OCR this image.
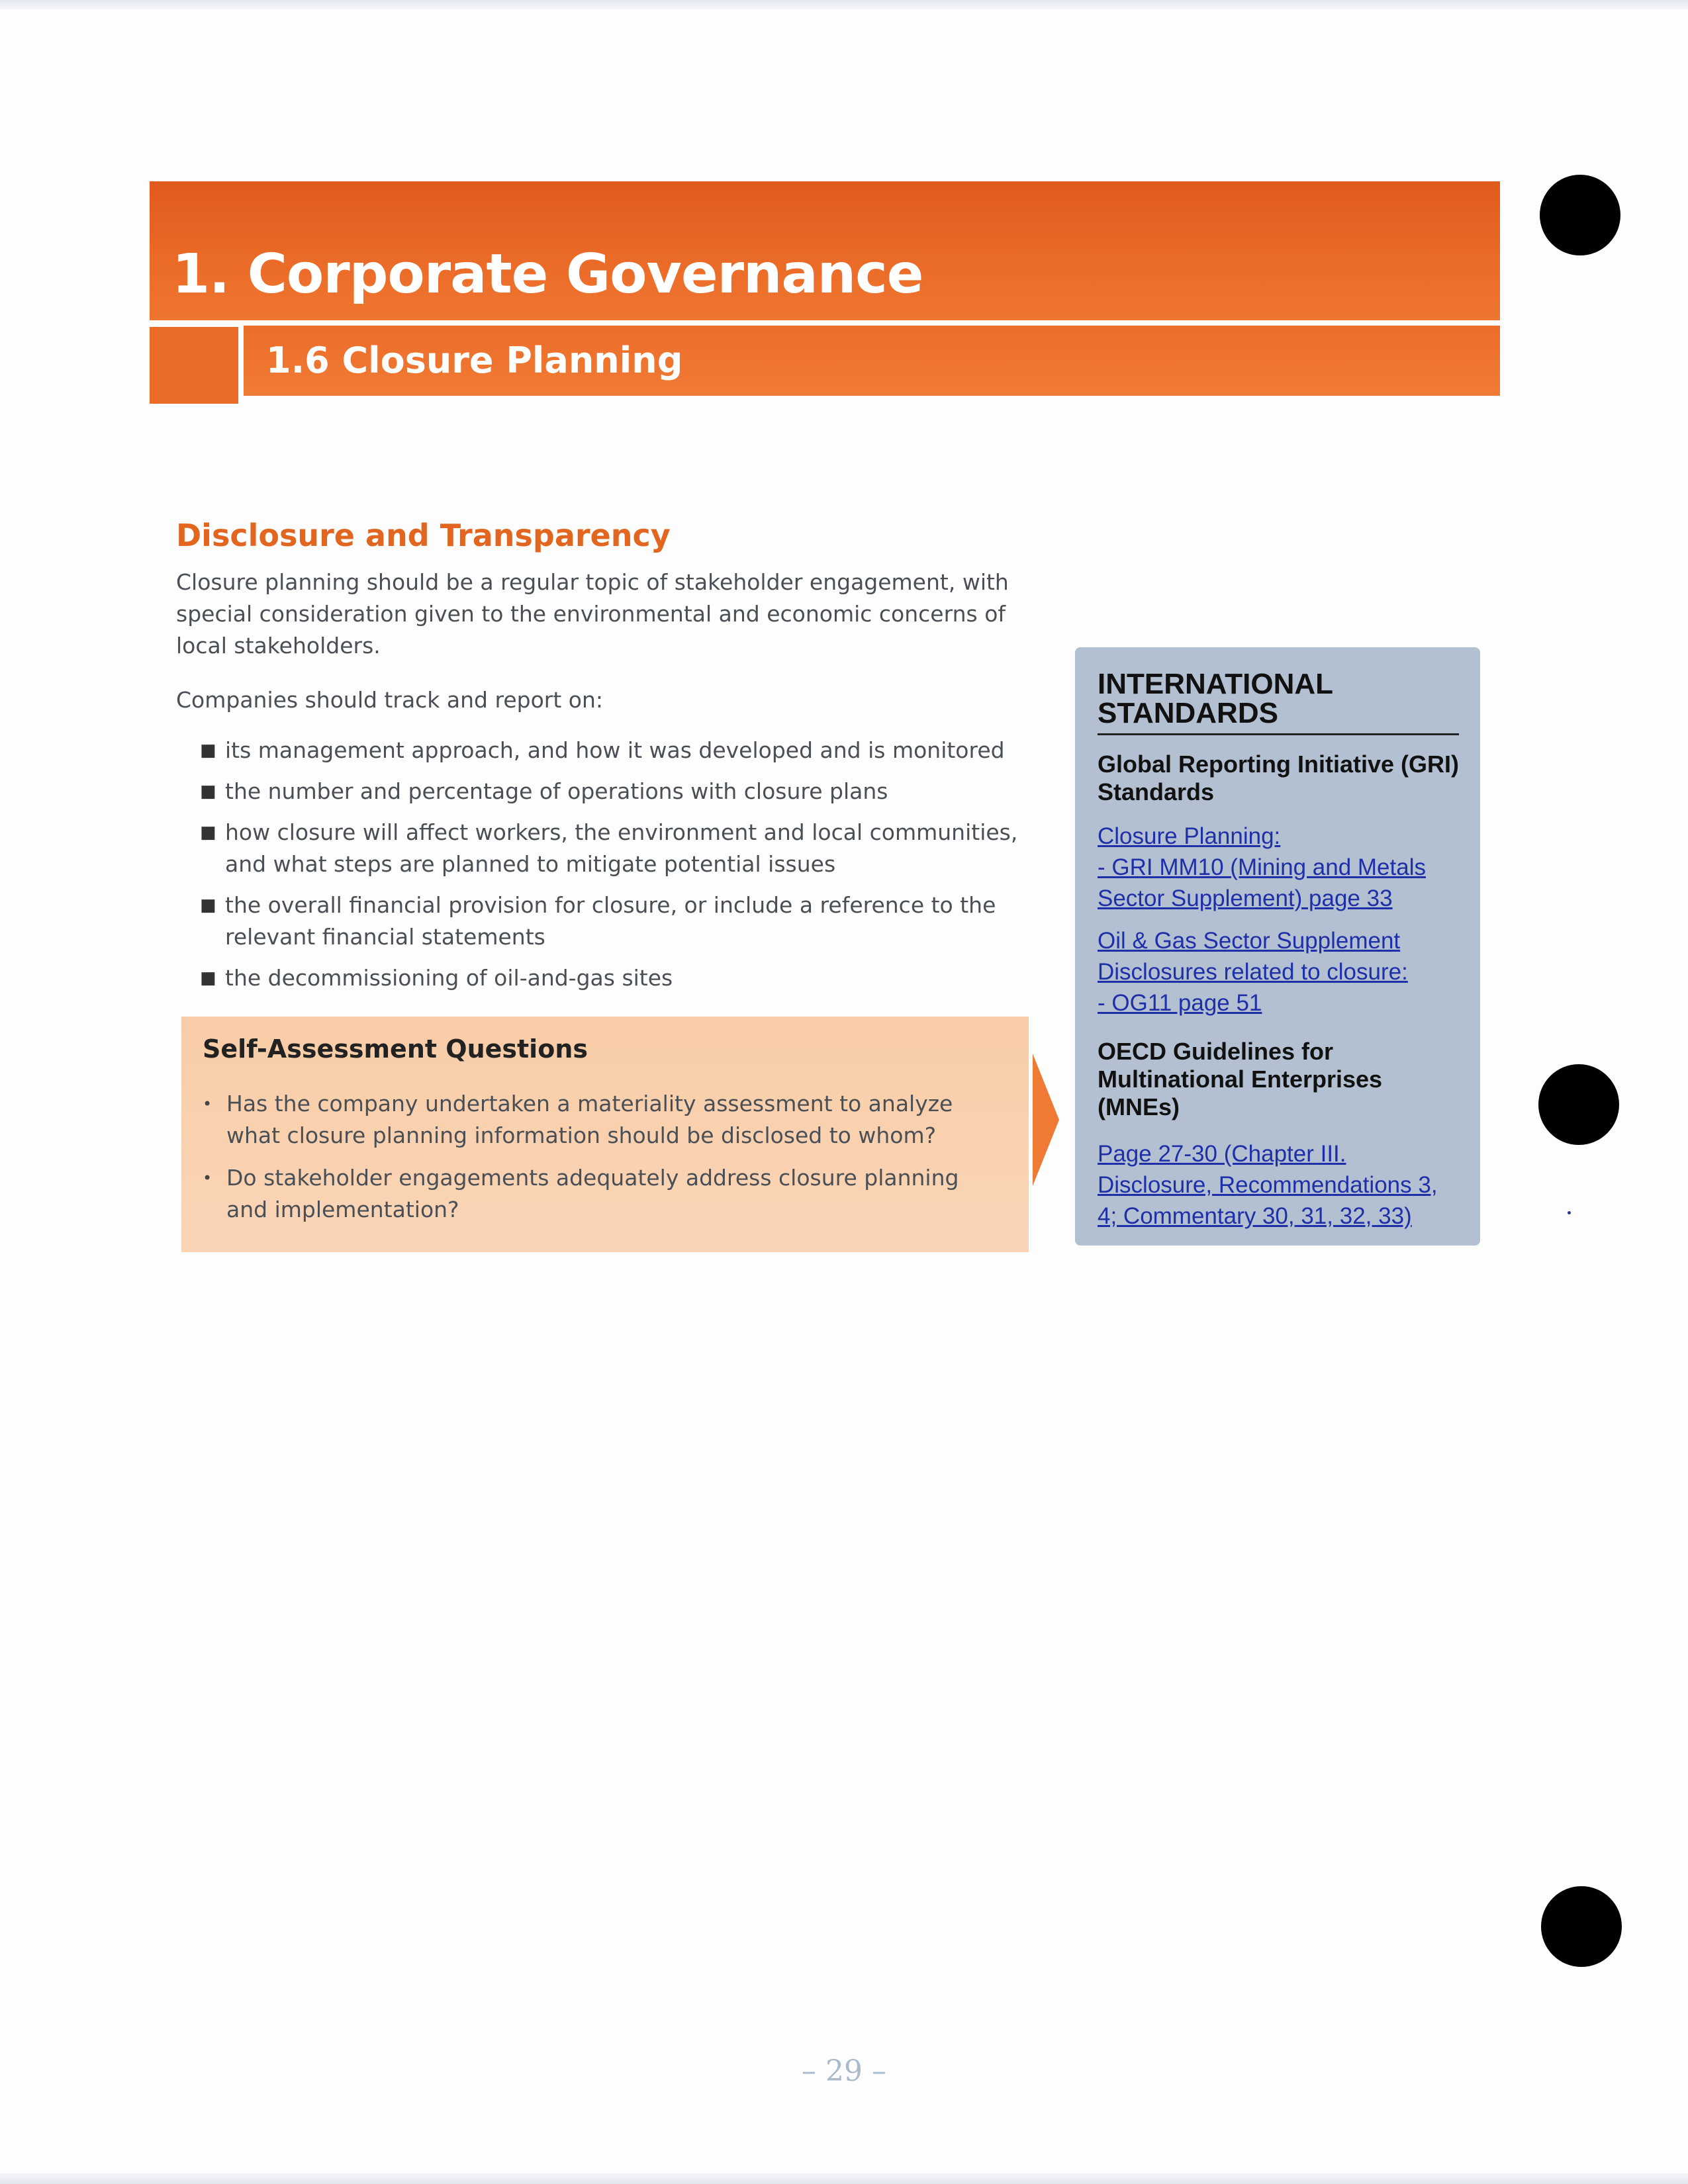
1. Corporate Governance
1.6 Closure Planning
Disclosure and Transparency

Closure planning should be a regular topic of stakeholder engagement, with special consideration given to the environmental and economic concerns of local stakeholders.

Companies should track and report on:

■ its management approach, and how it was developed and is monitored
■ the number and percentage of operations with closure plans
■ how closure will affect workers, the environment and local communities, and what steps are planned to mitigate potential issues
■ the overall financial provision for closure, or include a reference to the relevant financial statements
■ the decommissioning of oil-and-gas sites
Self-Assessment Questions
• Has the company undertaken a materiality assessment to analyze what closure planning information should be disclosed to whom?
• Do stakeholder engagements adequately address closure planning and implementation?
INTERNATIONAL STANDARDS

Global Reporting Initiative (GRI) Standards

Closure Planning:
- GRI MM10 (Mining and Metals
Sector Supplement) page 33
Oil & Gas Sector Supplement
Disclosures related to closure:
- OG11 page 51

OECD Guidelines for Multinational Enterprises (MNEs)

Page 27-30 (Chapter III.
Disclosure, Recommendations 3,
4; Commentary 30, 31, 32, 33)

– 29 –
